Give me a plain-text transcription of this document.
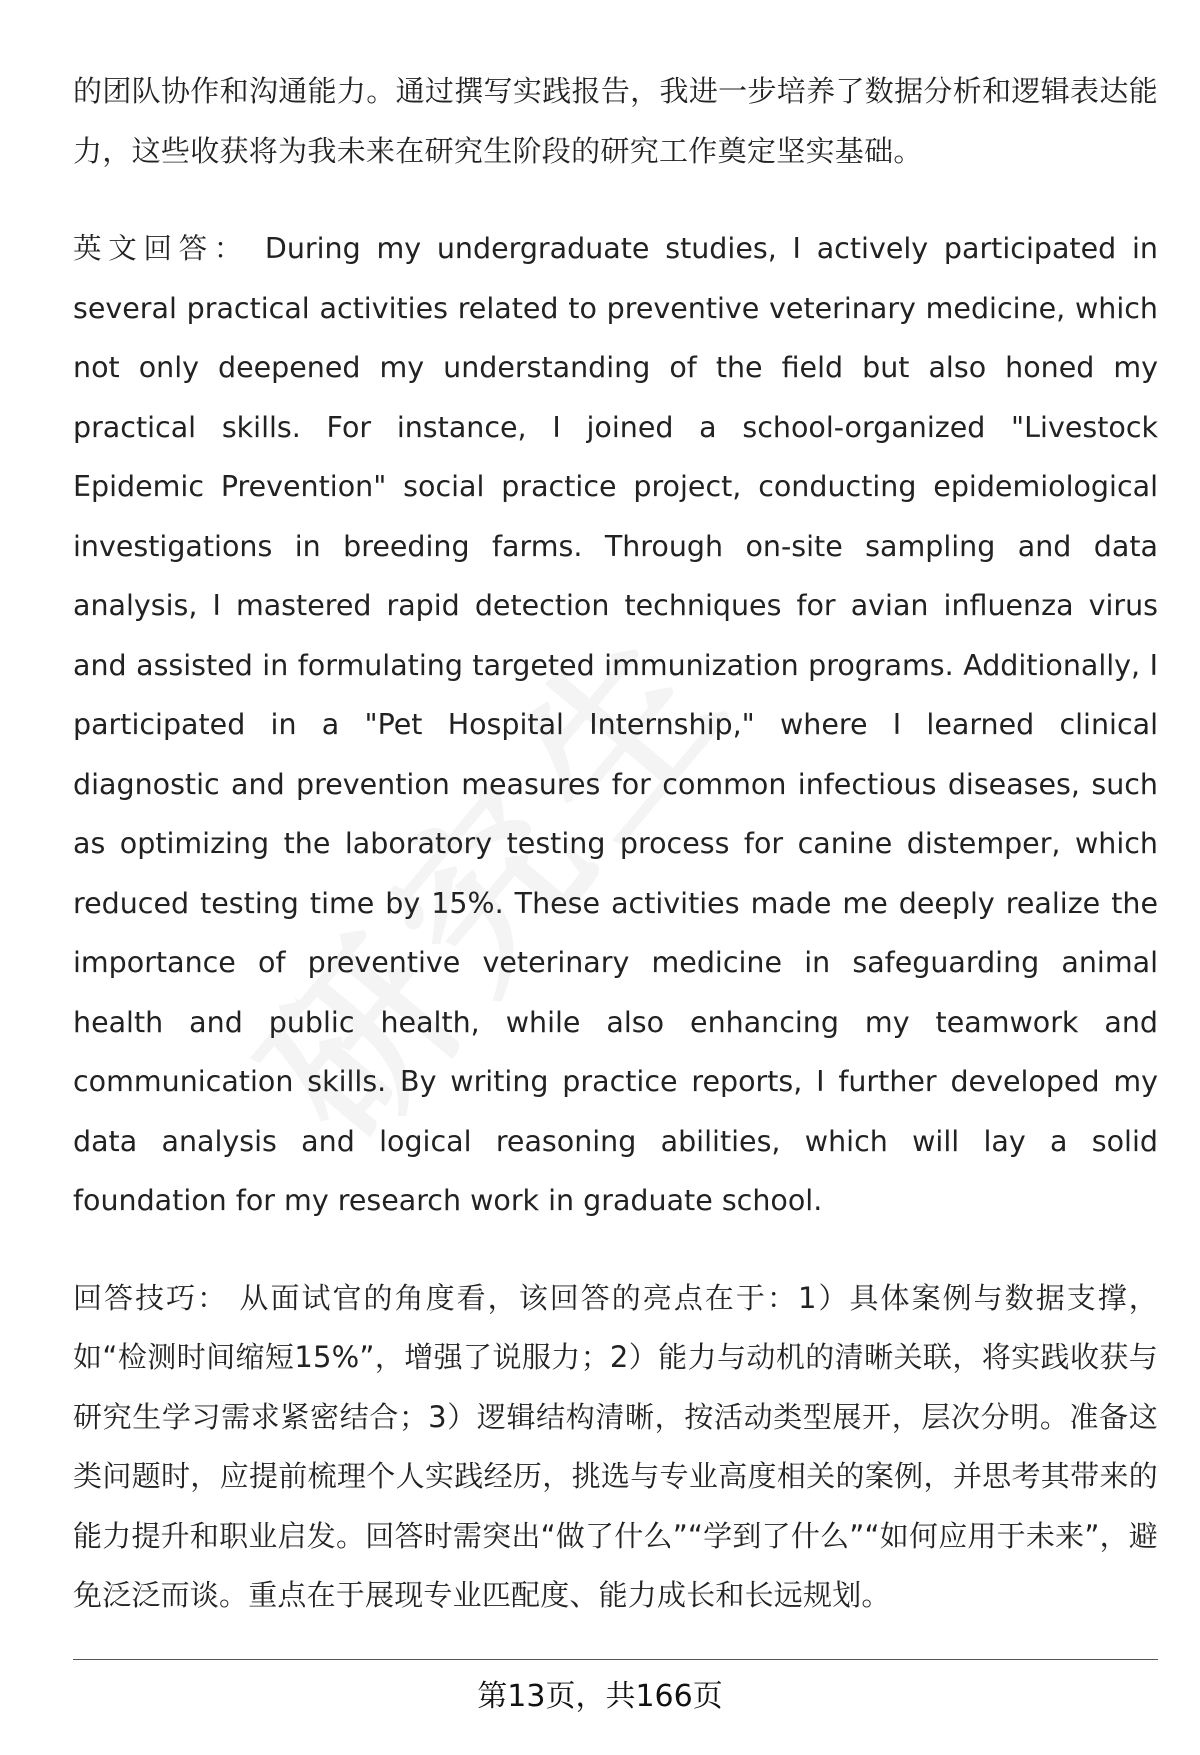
的团队协作和沟通能力。通过撰写实践报告，我进一步培养了数据分析和逻辑表达能力，这些收获将为我未来在研究生阶段的研究工作奠定坚实基础。

英文回答： During my undergraduate studies, I actively participated in several practical activities related to preventive veterinary medicine, which not only deepened my understanding of the field but also honed my practical skills. For instance, I joined a school-organized "Livestock Epidemic Prevention" social practice project, conducting epidemiological investigations in breeding farms. Through on-site sampling and data analysis, I mastered rapid detection techniques for avian influenza virus and assisted in formulating targeted immunization programs. Additionally, I participated in a "Pet Hospital Internship," where I learned clinical diagnostic and prevention measures for common infectious diseases, such as optimizing the laboratory testing process for canine distemper, which reduced testing time by 15%. These activities made me deeply realize the importance of preventive veterinary medicine in safeguarding animal health and public health, while also enhancing my teamwork and communication skills. By writing practice reports, I further developed my data analysis and logical reasoning abilities, which will lay a solid foundation for my research work in graduate school.

回答技巧： 从面试官的角度看，该回答的亮点在于：1）具体案例与数据支撑，如“检测时间缩短15%”，增强了说服力；2）能力与动机的清晰关联，将实践收获与研究生学习需求紧密结合；3）逻辑结构清晰，按活动类型展开，层次分明。准备这类问题时，应提前梳理个人实践经历，挑选与专业高度相关的案例，并思考其带来的能力提升和职业启发。回答时需突出“做了什么”“学到了什么”“如何应用于未来”，避免泛泛而谈。重点在于展现专业匹配度、能力成长和长远规划。

第13页，共166页
